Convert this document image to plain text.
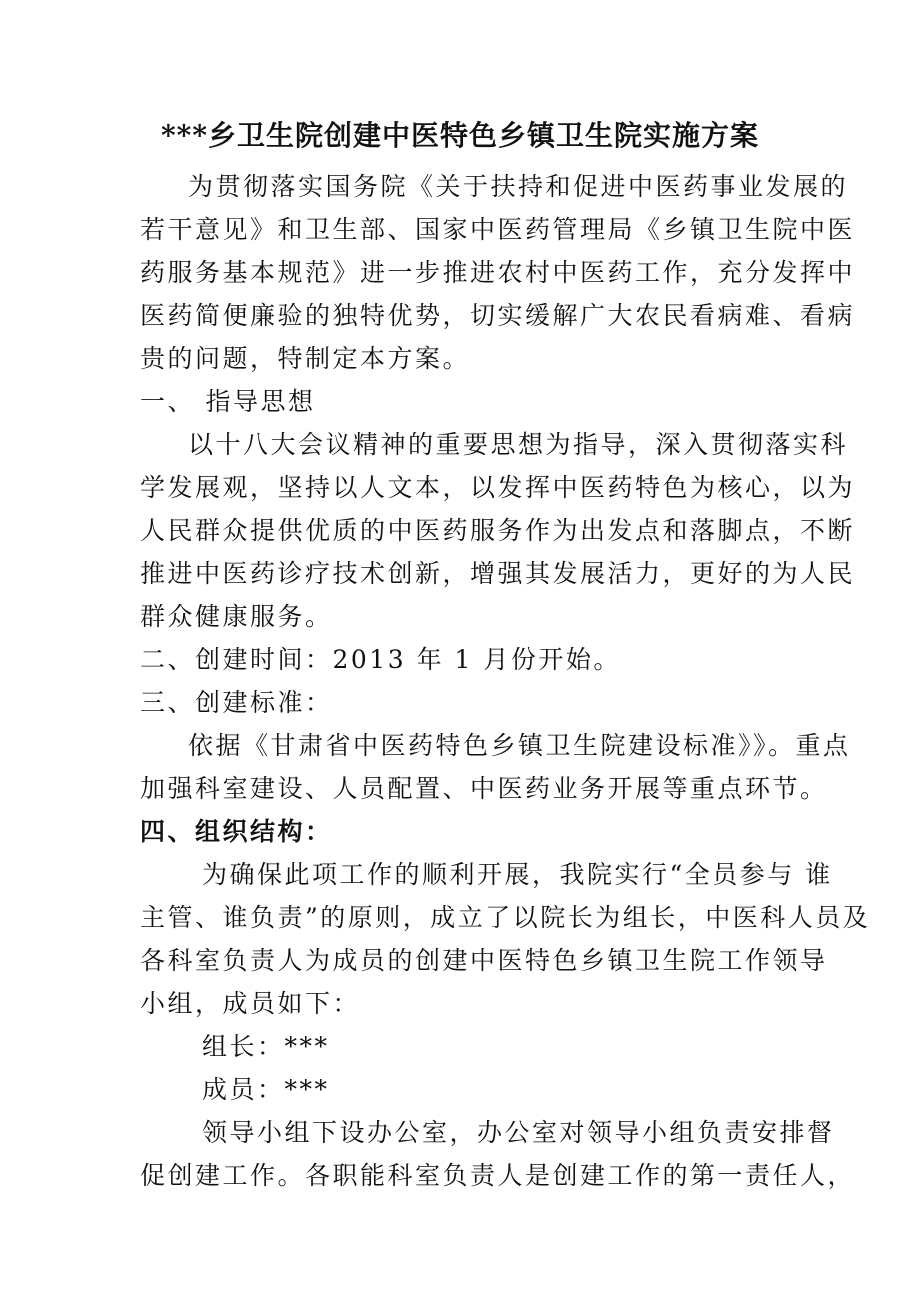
***乡卫生院创建中医特色乡镇卫生院实施方案
为贯彻落实国务院《关于扶持和促进中医药事业发展的
若干意见》和卫生部、国家中医药管理局《乡镇卫生院中医
药服务基本规范》进一步推进农村中医药工作，充分发挥中
医药简便廉验的独特优势，切实缓解广大农民看病难、看病
贵的问题，特制定本方案。
一、 指导思想
以十八大会议精神的重要思想为指导，深入贯彻落实科
学发展观，坚持以人文本，以发挥中医药特色为核心，以为
人民群众提供优质的中医药服务作为出发点和落脚点，不断
推进中医药诊疗技术创新，增强其发展活力，更好的为人民
群众健康服务。
二、创建时间：2013 年 1 月份开始。
三、创建标准：
依据《甘肃省中医药特色乡镇卫生院建设标准》》。重点
加强科室建设、人员配置、中医药业务开展等重点环节。
四、组织结构：
为确保此项工作的顺利开展，我院实行“全员参与 谁
主管、谁负责”的原则，成立了以院长为组长，中医科人员及
各科室负责人为成员的创建中医特色乡镇卫生院工作领导
小组，成员如下：
组长：***
成员：***
领导小组下设办公室，办公室对领导小组负责安排督
促创建工作。各职能科室负责人是创建工作的第一责任人，
